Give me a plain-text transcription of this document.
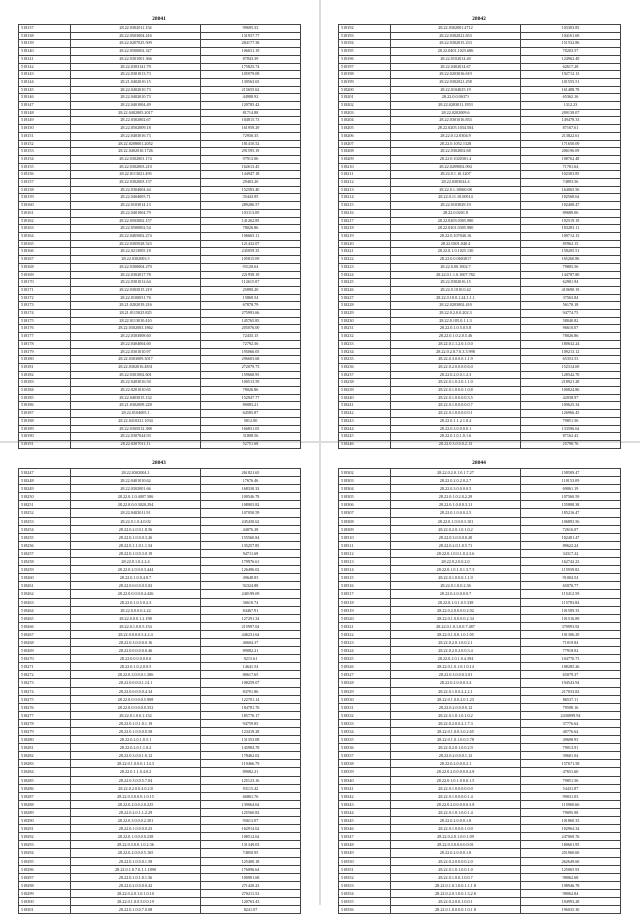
28041
518137	28.22.0302011.154	99695.53
518138	28.22.0503004.416	131937.77
518139	28.22.0207025.509	284177.38
518140	28.22.0500002.327	106631.19
518141	28.22.0301001.366	87843.39
518142	28.22.0303141.79	175825.74
518143	28.22.0301013.73	105979.08
518144	28.21.0402010.15	130563.65
518145	28.22.0402010.73	215655.62
518146	28.22.0402010.73	44908.92
518147	28.22.0401004.49	120785.42
518148	28.22.0402005.2017	81714.88
518149	28.22.0302002.67	104815.73
518150	28.22.0502009.18	161959.29
518151	28.22.0403016.73	72956.35
518152	28.22.0208001.2052	181410.52
518153	28.22.0402010.1726	291595.19
518154	28.22.0302001.174	97913.06
518155	28.22.0302003.210	162613.45
518156	28.22.0113021.493	144947.18
518157	28.22.0302003.137	29403.20
518158	28.22.0304004.44	152583.40
518159	28.22.0404005.71	35443.95
518160	28.22.0103014.13	289286.57
518161	28.22.0401004.79	103113.09
518162	28.22.0503002.157	141262.85
518163	28.22.0500002.54	78026.86
518164	28.22.0405002.274	106665.11
518165	28.22.0305028.523	121432.07
518166	28.22.0213005.18	245059.35
518167	28.22.0302003.5	105815.09
518168	28.22.0300004.270	93120.64
518169	28.22.0302017.78	221958.19
518170	28.22.0301012.64	112615.07
518171	28.22.0303015.219	25890.20
518172	28.22.0100031.76	15869.54
518173	28.21.0202019.216	67878.79
518174	28.21.0115025.825	275993.66
518175	28.22.0113010.410	145765.85
518176	28.22.0302003.1862	205076.00
518177	28.22.0303008.60	72435.15
518178	28.22.0404004.60	72792.36
518179	28.22.0301010.97	195066.05
518180	28.22.0303009.3017	296603.68
518181	28.22.0302016.4831	272079.73
518182	28.22.0301002.601	159668.95
518183	28.22.0403016.50	100513.59
518184	28.22.0201010.65	78026.86
518185	28.22.0403015.132	152947.77
518186	28.21.0302009.228	89083.21
518187	28.22.0104005.1	64585.87
518188	28.22.0410231.1034	5812.00
518189	28.22.0305012.388	166831.05
518190	28.22.0307044.93	31808.56
518191	28.22.0307011.11	52751.68
28042
518192	28.22.0302001.4712	103303.85
518193	28.22.0302021.653	104161.69
518194	28.22.0302015.233	151532.86
518195	28.22.0401.1025.686	70203.57
518196	28.22.0102014.40	124962.49
518197	28.22.0402014.67	62617.28
518198	28.22.0203016.619	192712.13
518199	28.22.0302021.258	101555.51
518200	28.22.0104025.19	161488.78
518201	28.22.0.0.06371	65362.16
518202	28.22.0203011.1953	1312.23
518203	28.22.0202009.6	209139.07
518204	28.22.0301016.833	149478.33
518205	28.22.0205.1034.504	87167.61
518206	28.22.0.12.0304.9	213822.61
518207	28.22.0.1052.1328	171650.09
518208	28.22.0302002.68	206196.09
518209	28.22.0.1020301.4	108762.48
518210	28.22.0209002.094	71701.64
518211	28.22.0.1.10.1207	102303.85
518212	28.22.0303024.4	74893.56
518213	28.22.0.1.10060.08	164065.56
518214	28.22.0.11.10.00514	102568.64
518215	28.22.0103029.19	102408.47
518216	28.22.0.0201.8	89689.06
518217	28.22.0203.0305.980	192519.19
518218	28.22.0201.0305.980	183283.11
518219	28.22.0.107040.16	109712.15
518220	28.22.0301.040.4	85962.15
518221	28.22.0.1.0.1025.130	158205.51
518222	28.22.0.0.0603017	165260.86
518223	28.22.0.00.1002.7	79805.56
518224	28.22.0.1.1.0.1007.782	144787.80
518225	28.22.0302016.15	62901.94
518226	28.22.0.1010.0.42	410690.19
518227	28.22.0.10.0.1.24.1.1.1	37563.84
518228	28.22.0203002.410	56170.18
518229	28.22.0.2.0.0.202.3	94774.75
518230	28.22.0.105.0.1.1.3	58040.82
518231	28.22.0.1.0.5.0.5.8	96610.07
518232	28.22.0.1.0.2.0.5.46	78026.86
518233	28.22.0.1.1.2.0.1.0.0	180632.24
518234	28.22.0.2.0.7.0.3.5.998	109213.12
518235	28.22.0.3.0.0.0.1.1.9	65353.53
518236	28.22.0.2.0.0.0.0.6.0	152314.69
518237	28.22.0.2.0.0.1.2.3	128542.70
518238	28.22.0.1.0.2.0.1.1.0	218921.28
518239	28.22.0.1.0.0.0.1.0.8	100824.86
518240	28.22.0.1.0.0.0.0.3.5	42038.97
518241	28.22.0.1.0.0.0.0.0.7	109625.34
518242	28.22.0.1.0.0.0.0.0.1	126966.45
518243	28.22.0.1.1.2.1.0.4	79851.56
518244	28.22.0.3.0.0.0.0.1	133596.64
518245	28.22.0.1.0.1.0.1.6	87162.43
518246	28.22.0.3.0.0.0.2.13	25790.76
28043
518247	28.22.0302004.1	261821.65
518248	28.22.0401010.62	17676.46
518249	28.22.0302001.66	168330.33
518250	28.22.0.1.0.4007.306	100546.78
518251	28.22.0.0.0.3020.294	108003.82
518252	28.22.0402011.91	107050.59
518253	28.22.0.1.0.4.0.02	245430.62
518254	28.22.0.2.0.0.1.8.56	44076.28
518255	28.22.0.1.0.0.0.3.26	155560.84
518256	28.22.0.1.1.0.1.1.54	135257.85
518257	28.22.0.1.0.0.3.0.19	94711.69
518258	28.22.0.1.0.2.2.4	179976.61
518259	28.22.0.2.0.0.0.3.444	126496.02
518260	28.22.0.1.0.0.4.0.7	49648.83
518261	28.22.0.0.0.0.0.5.02	92324.88
518262	28.22.0.0.0.0.0.4.426	240199.09
518263	28.22.0.1.0.5.0.2.3	36610.74
518264	28.22.0.0.0.0.2.22	84467.91
518265	28.22.0.0.0.1.2.198	127291.34
518266	28.22.0.1.0.0.5.154	215997.04
518267	28.22.0.0.0.0.5.4.2.4	446231.64
518268	28.22.0.3.0.0.0.0.16	46604.37
518269	28.22.0.0.0.0.0.0.46	89082.21
518270	28.22.0.0.0.0.0.0.0	9215.61
518271	28.22.0.1.0.2.0.0.5	14641.54
518272	28.22.0.3.0.0.0.1.306	80617.65
518273	28.22.0.0.0.0.1.14.1	108259.07
518274	28.22.0.0.0.0.0.4.34	84701.86
518275	28.22.0.0.0.0.0.5.908	122701.14
518276	28.22.0.0.0.0.0.0.352	184781.76
518277	28.22.0.1.0.0.1.132	185776.17
518278	28.22.0.1.0.1.0.1.19	94759.85
518279	28.22.0.1.0.0.0.0.58	123419.28
518280	28.22.0.2.0.1.0.5.1	131353.08
518281	28.22.0.2.0.1.1.0.2	145984.78
518282	28.22.0.3.0.0.1.0.12	178462.02
518283	28.22.0.1.0.0.0.1.14.3	119466.79
518284	28.22.0.1.1.0.4.0.2	89082.21
518285	28.22.0.3.0.0.5.7.04	125123.16
518286	28.22.0.2.0.0.4.0.2.8	93115.42
518287	28.22.0.3.0.0.0.1.0.15	66861.76
518288	28.22.0.2.0.0.2.0.225	139064.64
518289	28.22.0.2.0.1.1.2.29	125560.82
518290	28.22.0.3.0.0.0.2.301	93613.07
518291	28.22.0.1.0.0.0.0.23	162914.62
518292	28.22.0.1.0.0.0.0.238	108512.64
518293	28.22.0.3.0.0.1.0.2.36	131349.03
518294	28.22.0.2.0.0.0.5.165	74850.95
518295	28.22.0.1.0.0.0.1.58	125400.18
518296	28.22.0.1.0.7.0.1.1.1890	176096.64
518297	28.22.0.1.0.1.0.1.56	100901.68
518298	28.22.0.2.0.0.0.0.42	271420.23
518299	28.22.0.2.0.1.0.1.0.10	270211.52
518300	28.22.0.1.0.0.5.0.0.19	120763.43
518301	28.22.0.1.0.0.7.0.08	8241.07
28044
518302	28.22.0.2.0.1.0.1.7.27	158509.47
518303	28.22.0.2.0.2.0.2.7	110153.09
518304	28.22.0.3.0.0.0.0.5	69061.19
518305	28.22.0.1.0.2.0.2.29	107560.59
518306	28.22.0.1.0.0.0.3.11	155808.38
518307	28.22.0.1.0.0.0.2.5	185216.47
518308	28.22.0.1.0.0.0.3.101	106893.56
518309	28.22.0.2.0.1.0.1.0.2	72616.07
518310	28.22.0.3.0.0.0.0.20	102401.47
518311	28.22.0.2.0.1.0.5.71	89622.24
518312	28.22.0.1.0.0.1.0.2.3.6	34317.22
518313	28.22.0.2.0.0.2.0	162742.23
518314	28.22.0.1.0.1.0.1.3.7.3	115939.82
518315	28.22.0.1.0.0.0.1.1.0	91004.54
518316	28.22.0.1.0.0.2.36	65070.77
518317	28.22.0.2.0.0.0.0.7	115412.59
518318	28.22.0.1.0.1.0.5.338	115783.84
518319	28.22.0.2.0.0.0.0.2.92	101509.33
518320	28.22.0.1.0.0.0.0.2.34	101516.89
518321	28.22.0.1.0.1.0.0.7.487	370993.92
518322	28.22.0.1.0.0.1.0.1.05	191306.29
518323	28.22.0.2.0.1.0.0.2.1	71019.84
518324	28.22.0.2.0.2.0.0.3.4	77918.02
518325	28.22.0.2.0.1.0.4.394	104776.73
518326	28.22.0.1.0.1.0.1.0.14	188285.26
518327	28.22.0.3.0.0.0.3.01	65079.37
518328	28.22.0.2.0.0.0.3.4	194543.94
518329	28.22.0.1.0.0.2.2.2.1	217033.82
518330	28.22.0.1.0.0.2.0.1.23	86537.11
518331	28.22.0.2.0.0.0.0.12	79598.16
518332	28.22.0.1.0.1.0.1.0.2	2430099.94
518333	28.22.0.2.0.0.2.1.7.3	37776.64
518334	28.22.0.1.0.0.3.0.2.65	40776.64
518335	28.22.0.1.0.1.0.0.5.78	49608.93
518336	28.22.0.2.0.1.0.0.2.9	79013.91
518337	28.22.0.2.0.0.0.1.12	39601.04
518338	28.22.0.2.0.0.0.2.1	157671.58
518339	28.22.0.2.0.0.0.0.0.2.8	47651.60
518340	28.22.0.1.0.1.0.0.0.1.5	79851.56
518341	28.22.0.1.0.0.0.0.0.0	54431.87
518342	28.22.0.1.0.0.0.0.1.4	99031.03
518343	28.22.0.2.0.0.0.0.0.3.8	115960.66
518344	28.22.0.1.0.1.0.0.1.4	79095.98
518345	28.22.0.2.0.0.0.1.0	101860.33
518346	28.22.0.1.0.0.0.1.0.0	102964.34
518347	28.22.0.2.0.1.0.0.1.09	247069.76
518348	28.22.0.3.0.0.0.0.0.01	180601.95
518349	28.22.0.2.0.0.0.1.0	251960.60
518350	28.22.0.2.0.0.0.0.2.0	262649.60
518351	28.22.0.1.0.1.0.0.1.0	125065.93
518352	28.22.0.1.0.0.1.0.0.7	98062.68
518353	28.22.0.1.0.1.0.0.1.1.1.8	198946.78
518354	28.22.0.2.0.1.0.0.1.3.2.8	98062.84
518355	28.22.0.2.0.0.1.0.0.1	194993.28
518356	28.22.0.1.0.0.0.0.1.0.1.8	196035.30
